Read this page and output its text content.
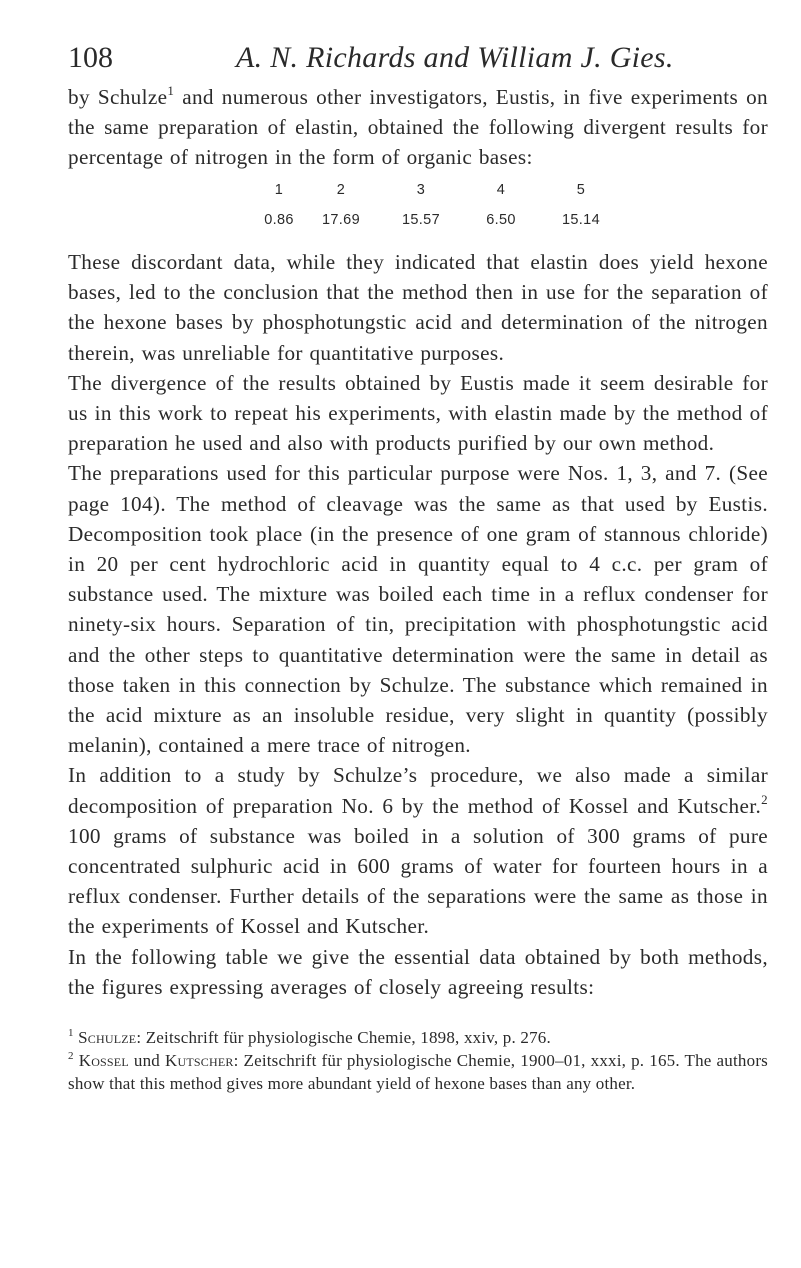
108	A. N. Richards and William J. Gies.

by Schulze$^1$ and numerous other investigators, Eustis, in five experiments on the same preparation of elastin, obtained the following divergent results for percentage of nitrogen in the form of organic bases:

1	2	3	4	5
0.86	17.69	15.57	6.50	15.14

These discordant data, while they indicated that elastin does yield hexone bases, led to the conclusion that the method then in use for the separation of the hexone bases by phosphotungstic acid and determination of the nitrogen therein, was unreliable for quantitative purposes.

The divergence of the results obtained by Eustis made it seem desirable for us in this work to repeat his experiments, with elastin made by the method of preparation he used and also with products purified by our own method.

The preparations used for this particular purpose were Nos. 1, 3, and 7. (See page 104). The method of cleavage was the same as that used by Eustis. Decomposition took place (in the presence of one gram of stannous chloride) in 20 per cent hydrochloric acid in quantity equal to 4 c.c. per gram of substance used. The mixture was boiled each time in a reflux condenser for ninety-six hours. Separation of tin, precipitation with phosphotungstic acid and the other steps to quantitative determination were the same in detail as those taken in this connection by Schulze. The substance which remained in the acid mixture as an insoluble residue, very slight in quantity (possibly melanin), contained a mere trace of nitrogen.

In addition to a study by Schulze’s procedure, we also made a similar decomposition of preparation No. 6 by the method of Kossel and Kutscher.$^2$ 100 grams of substance was boiled in a solution of 300 grams of pure concentrated sulphuric acid in 600 grams of water for fourteen hours in a reflux condenser. Further details of the separations were the same as those in the experiments of Kossel and Kutscher.

In the following table we give the essential data obtained by both methods, the figures expressing averages of closely agreeing results:

$^1$ Schulze: Zeitschrift für physiologische Chemie, 1898, xxiv, p. 276.

$^2$ Kossel und Kutscher: Zeitschrift für physiologische Chemie, 1900–01, xxxi, p. 165. The authors show that this method gives more abundant yield of hexone bases than any other.
